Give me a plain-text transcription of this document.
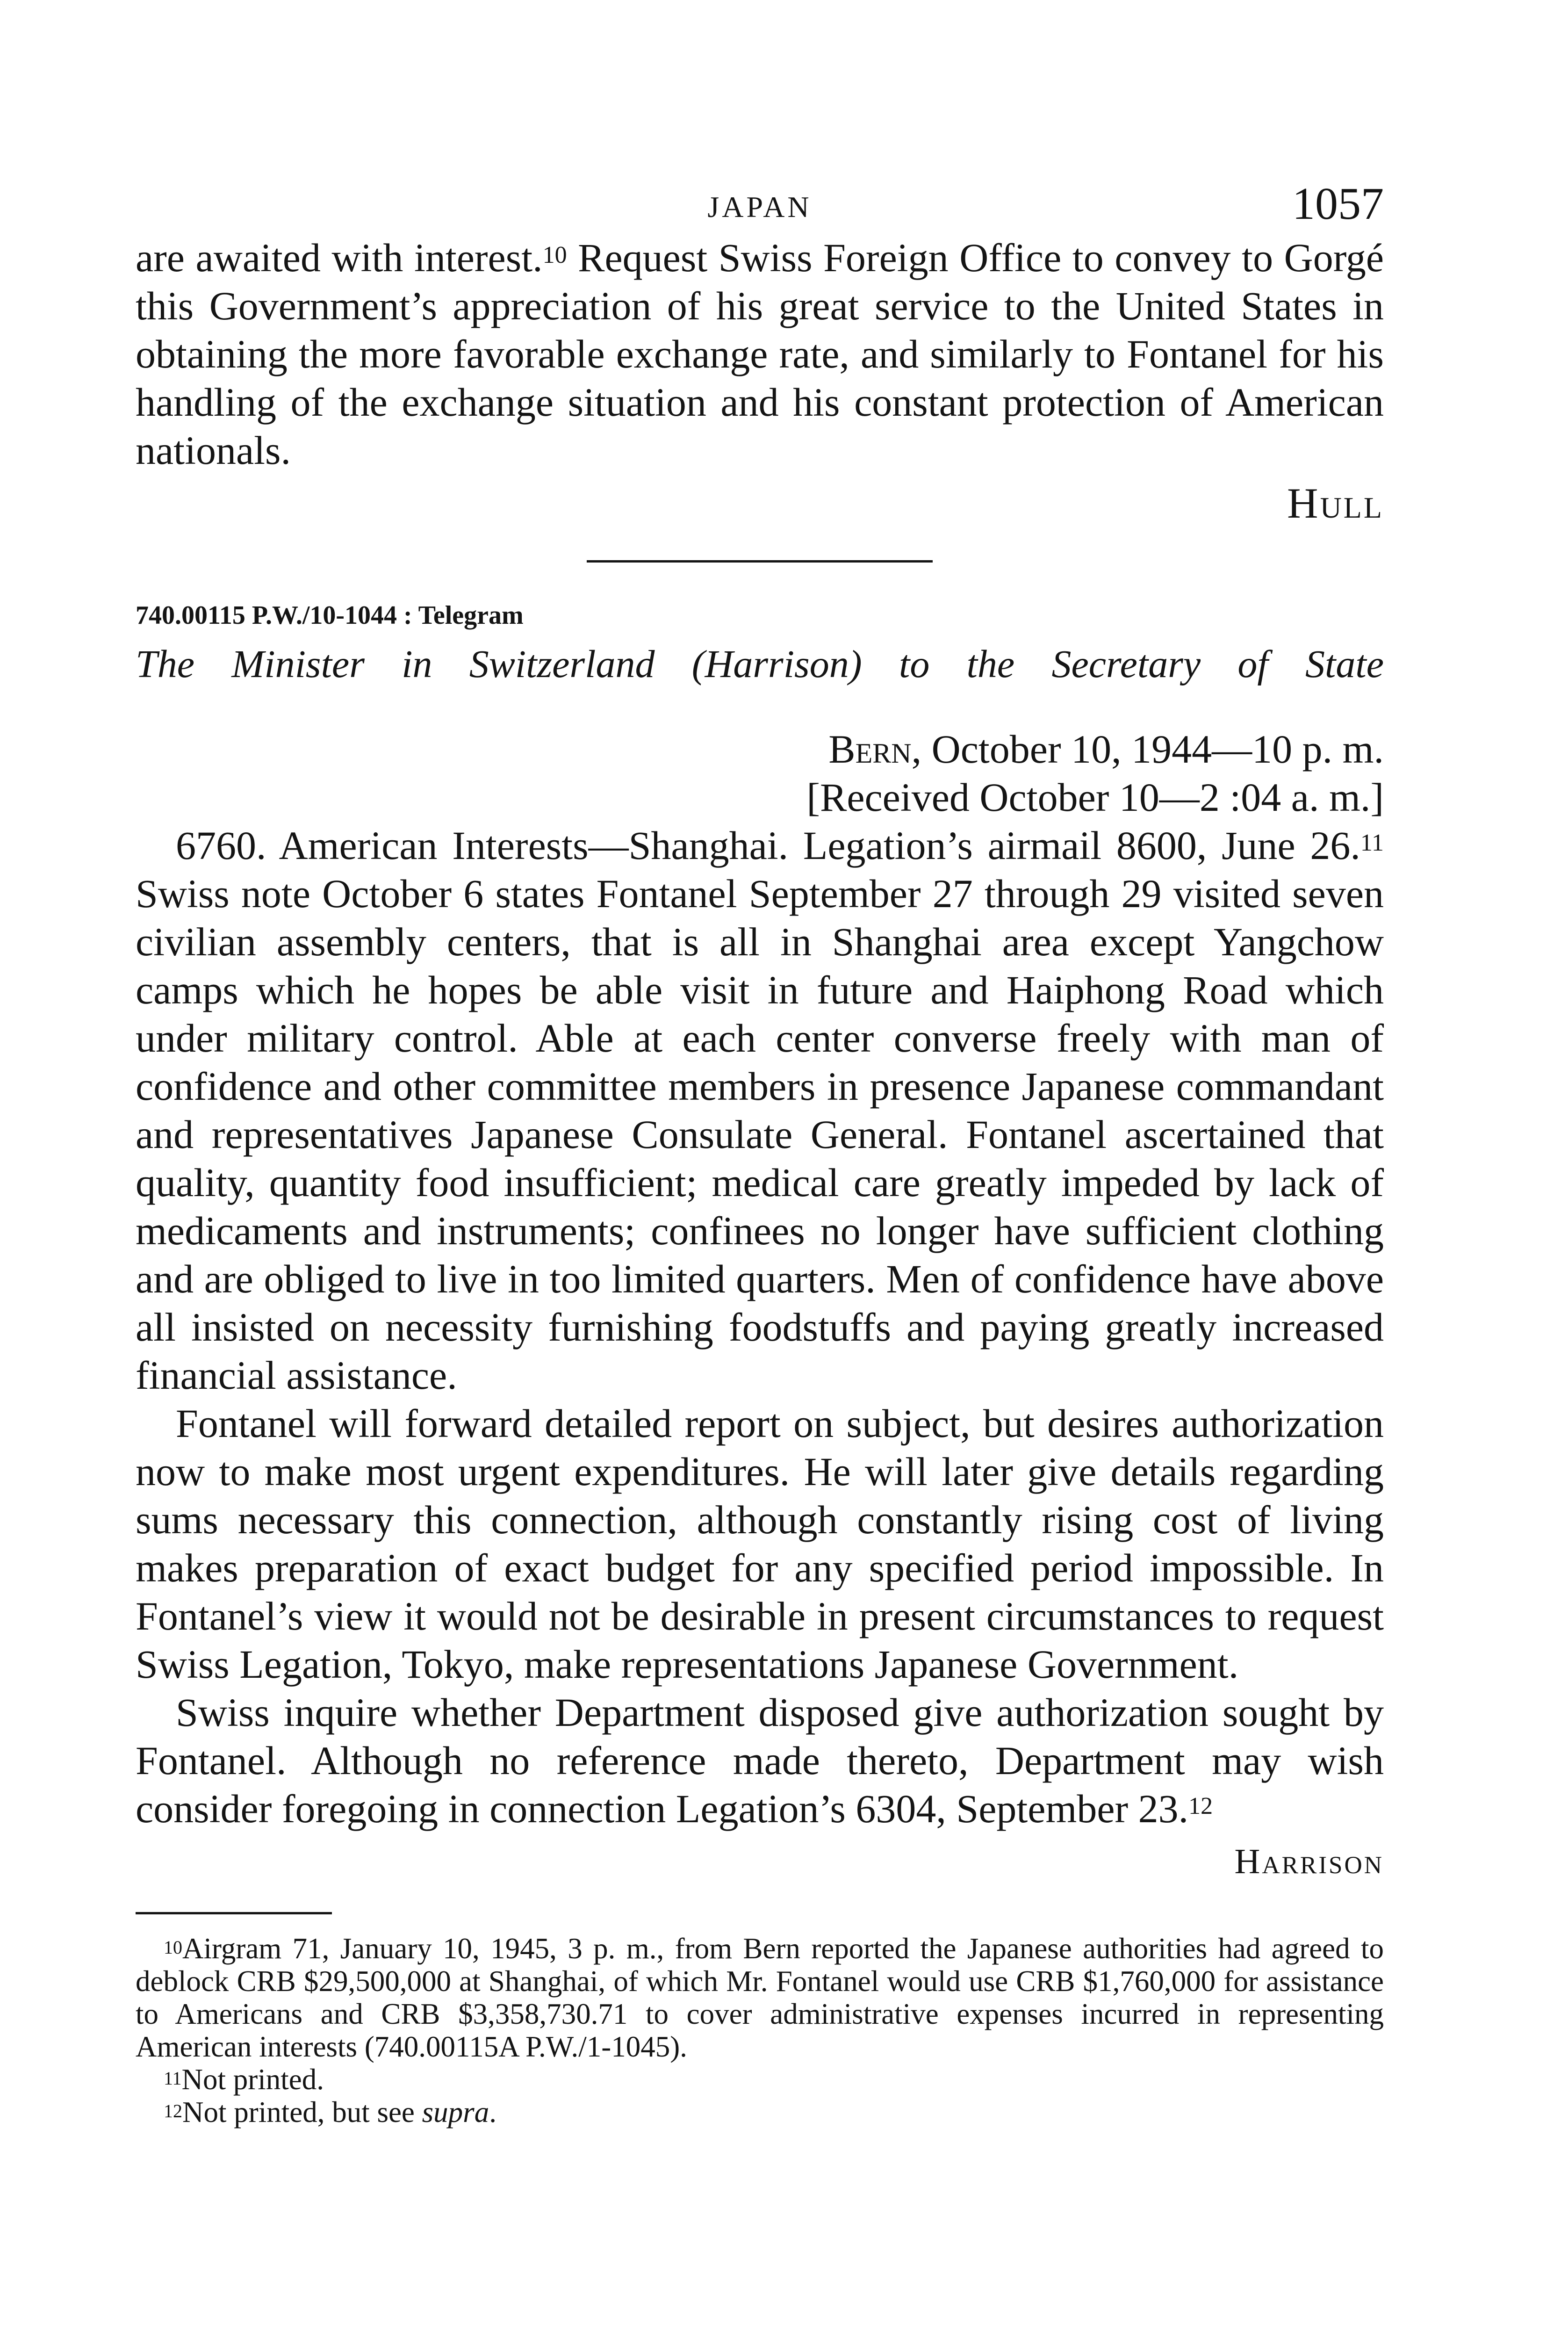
JAPAN	1057

are awaited with interest.$^{10}$ Request Swiss Foreign Office to convey to Gorgé this Government’s appreciation of his great service to the United States in obtaining the more favorable exchange rate, and similarly to Fontanel for his handling of the exchange situation and his constant protection of American nationals.

Hull

740.00115 P.W./10-1044 : Telegram

The Minister in Switzerland (Harrison) to the Secretary of State

Bern, October 10, 1944—10 p. m.
[Received October 10—2 :04 a. m.]

6760. American Interests—Shanghai. Legation’s airmail 8600, June 26.11 Swiss note October 6 states Fontanel September 27 through 29 visited seven civilian assembly centers, that is all in Shanghai area except Yangchow camps which he hopes be able visit in future and Haiphong Road which under military control. Able at each center converse freely with man of confidence and other committee members in presence Japanese commandant and representatives Japanese Consulate General. Fontanel ascertained that quality, quantity food insufficient; medical care greatly impeded by lack of medicaments and instruments; confinees no longer have sufficient clothing and are obliged to live in too limited quarters. Men of confidence have above all insisted on necessity furnishing foodstuffs and paying greatly increased financial assistance.

Fontanel will forward detailed report on subject, but desires authorization now to make most urgent expenditures. He will later give details regarding sums necessary this connection, although constantly rising cost of living makes preparation of exact budget for any specified period impossible. In Fontanel’s view it would not be desirable in present circumstances to request Swiss Legation, Tokyo, make representations Japanese Government.

Swiss inquire whether Department disposed give authorization sought by Fontanel. Although no reference made thereto, Department may wish consider foregoing in connection Legation’s 6304, September 23.12

Harrison

$^{10}$Airgram 71, January 10, 1945, 3 p. m., from Bern reported the Japanese authorities had agreed to deblock CRB $29,500,000 at Shanghai, of which Mr. Fontanel would use CRB $1,760,000 for assistance to Americans and CRB $3,358,730.71 to cover administrative expenses incurred in representing American interests (740.00115A P.W./1-1045).

$^{11}$Not printed.

$^{12}$Not printed, but see supra.
